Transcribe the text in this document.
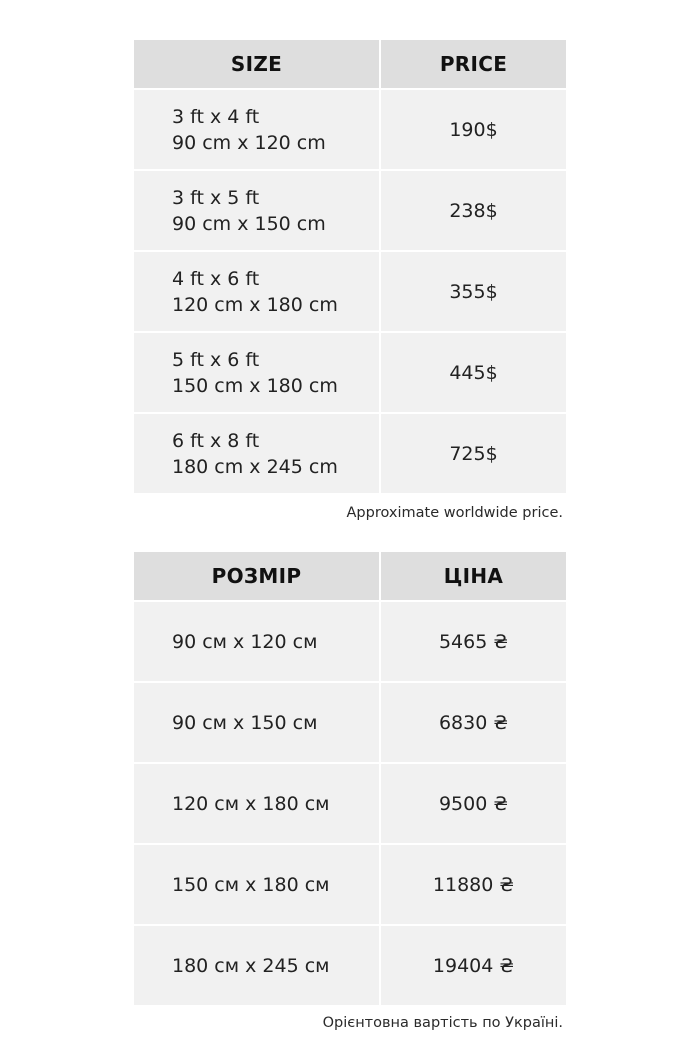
SIZE	PRICE

3 ft x 4 ft
90 cm x 120 cm	190$

3 ft x 5 ft
90 cm x 150 cm	238$

4 ft x 6 ft
120 cm x 180 cm	355$

5 ft x 6 ft
150 cm x 180 cm	445$

6 ft x 8 ft
180 cm x 245 cm	725$
Approximate worldwide price.
РОЗМІР	ЦІНА
90 см x 120 см	5465 ₴
90 см x 150 см	6830 ₴
120 см x 180 см	9500 ₴
150 см x 180 см	11880 ₴
180 см x 245 см	19404 ₴
Орієнтовна вартість по Україні.
